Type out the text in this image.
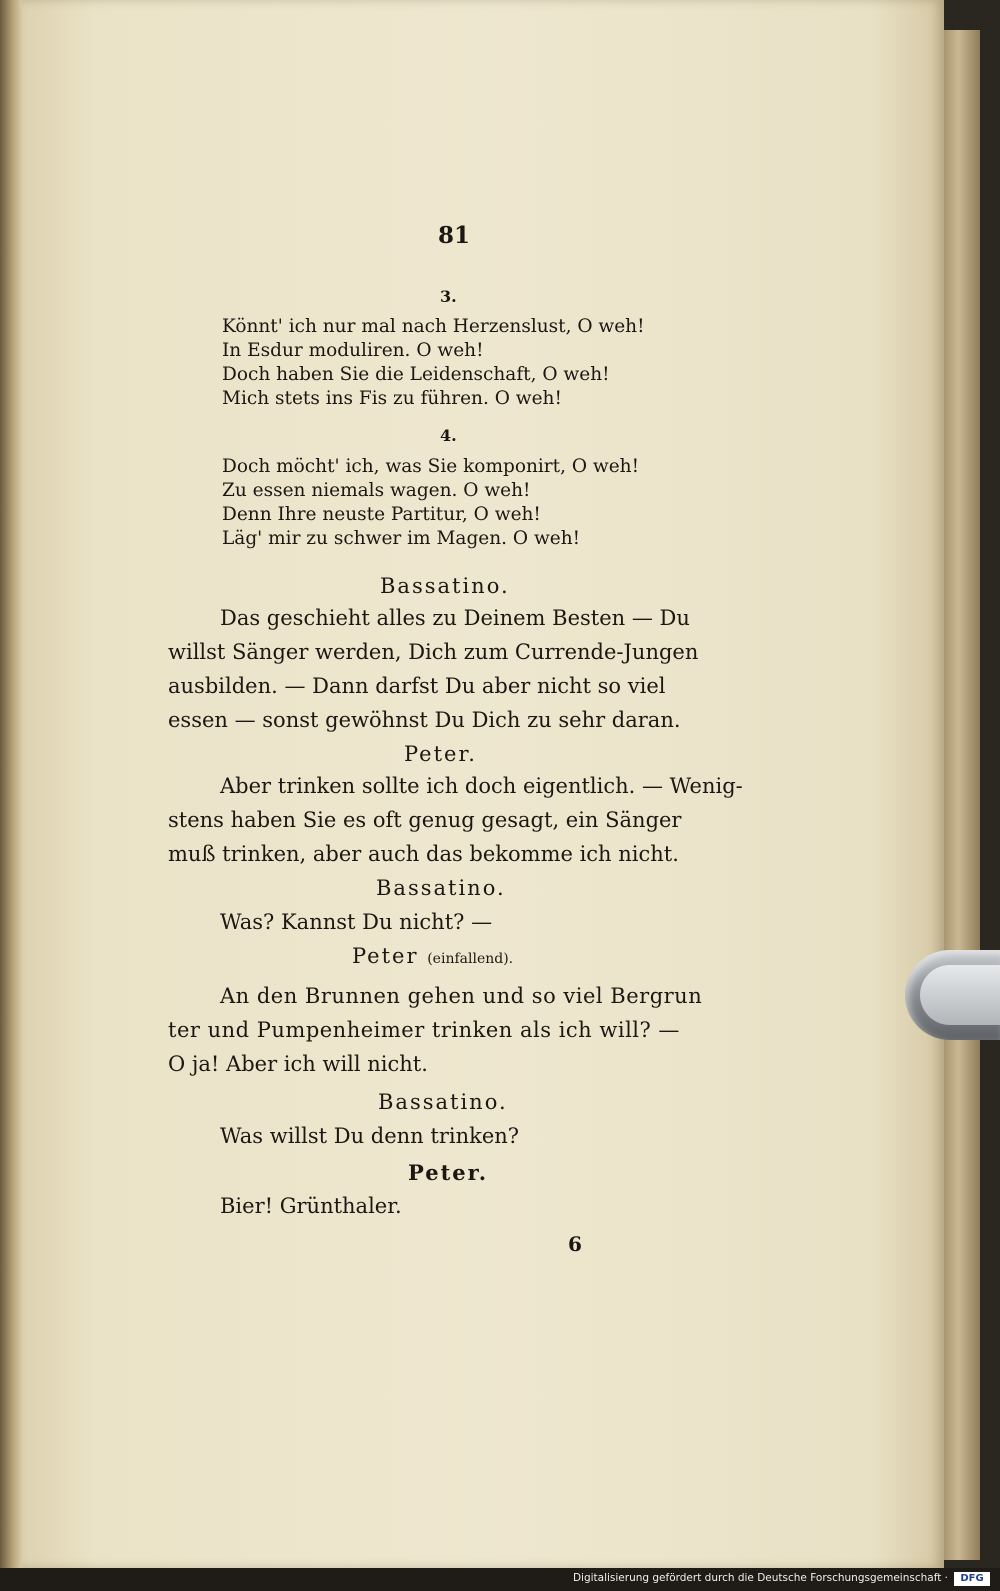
81
3.
Könnt' ich nur mal nach Herzenslust, O weh!
In Esdur moduliren. O weh!
Doch haben Sie die Leidenschaft, O weh!
Mich stets ins Fis zu führen. O weh!
4.
Doch möcht' ich, was Sie komponirt, O weh!
Zu essen niemals wagen. O weh!
Denn Ihre neuste Partitur, O weh!
Läg' mir zu schwer im Magen. O weh!
Bassatino.
Das geschieht alles zu Deinem Besten — Du
willst Sänger werden, Dich zum Currende-Jungen
ausbilden. — Dann darfst Du aber nicht so viel
essen — sonst gewöhnst Du Dich zu sehr daran.
Peter.
Aber trinken sollte ich doch eigentlich. — Wenig-
stens haben Sie es oft genug gesagt, ein Sänger
muß trinken, aber auch das bekomme ich nicht.
Bassatino.
Was? Kannst Du nicht? —
Peter (einfallend).
An den Brunnen gehen und so viel Bergrun
ter und Pumpenheimer trinken als ich will? —
O ja! Aber ich will nicht.
Bassatino.
Was willst Du denn trinken?
Peter.
Bier! Grünthaler.
6
Digitalisierung gefördert durch die Deutsche Forschungsgemeinschaft ·	DFG
